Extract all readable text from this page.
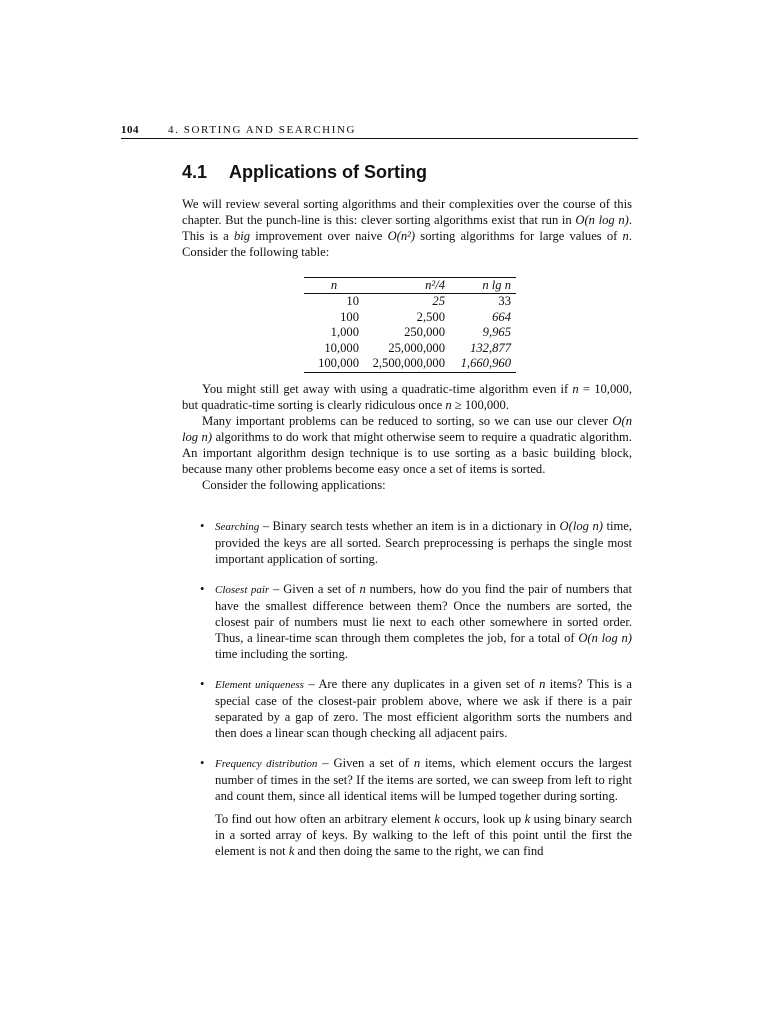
104	4. SORTING AND SEARCHING
4.1 Applications of Sorting

We will review several sorting algorithms and their complexities over the course of this chapter. But the punch-line is this: clever sorting algorithms exist that run in O(n log n). This is a big improvement over naive O(n²) sorting algorithms for large values of n. Consider the following table:

n	n²/4	n lg n
10	25	33
100	2,500	664
1,000	250,000	9,965
10,000	25,000,000	132,877
100,000	2,500,000,000	1,660,960

You might still get away with using a quadratic-time algorithm even if n = 10,000, but quadratic-time sorting is clearly ridiculous once n ≥ 100,000.

Many important problems can be reduced to sorting, so we can use our clever O(n log n) algorithms to do work that might otherwise seem to require a quadratic algorithm. An important algorithm design technique is to use sorting as a basic building block, because many other problems become easy once a set of items is sorted.

Consider the following applications:

• Searching – Binary search tests whether an item is in a dictionary in O(log n) time, provided the keys are all sorted. Search preprocessing is perhaps the single most important application of sorting.
• Closest pair – Given a set of n numbers, how do you find the pair of numbers that have the smallest difference between them? Once the numbers are sorted, the closest pair of numbers must lie next to each other somewhere in sorted order. Thus, a linear-time scan through them completes the job, for a total of O(n log n) time including the sorting.
• Element uniqueness – Are there any duplicates in a given set of n items? This is a special case of the closest-pair problem above, where we ask if there is a pair separated by a gap of zero. The most efficient algorithm sorts the numbers and then does a linear scan though checking all adjacent pairs.
• Frequency distribution – Given a set of n items, which element occurs the largest number of times in the set? If the items are sorted, we can sweep from left to right and count them, since all identical items will be lumped together during sorting.
To find out how often an arbitrary element k occurs, look up k using binary search in a sorted array of keys. By walking to the left of this point until the first the element is not k and then doing the same to the right, we can find
